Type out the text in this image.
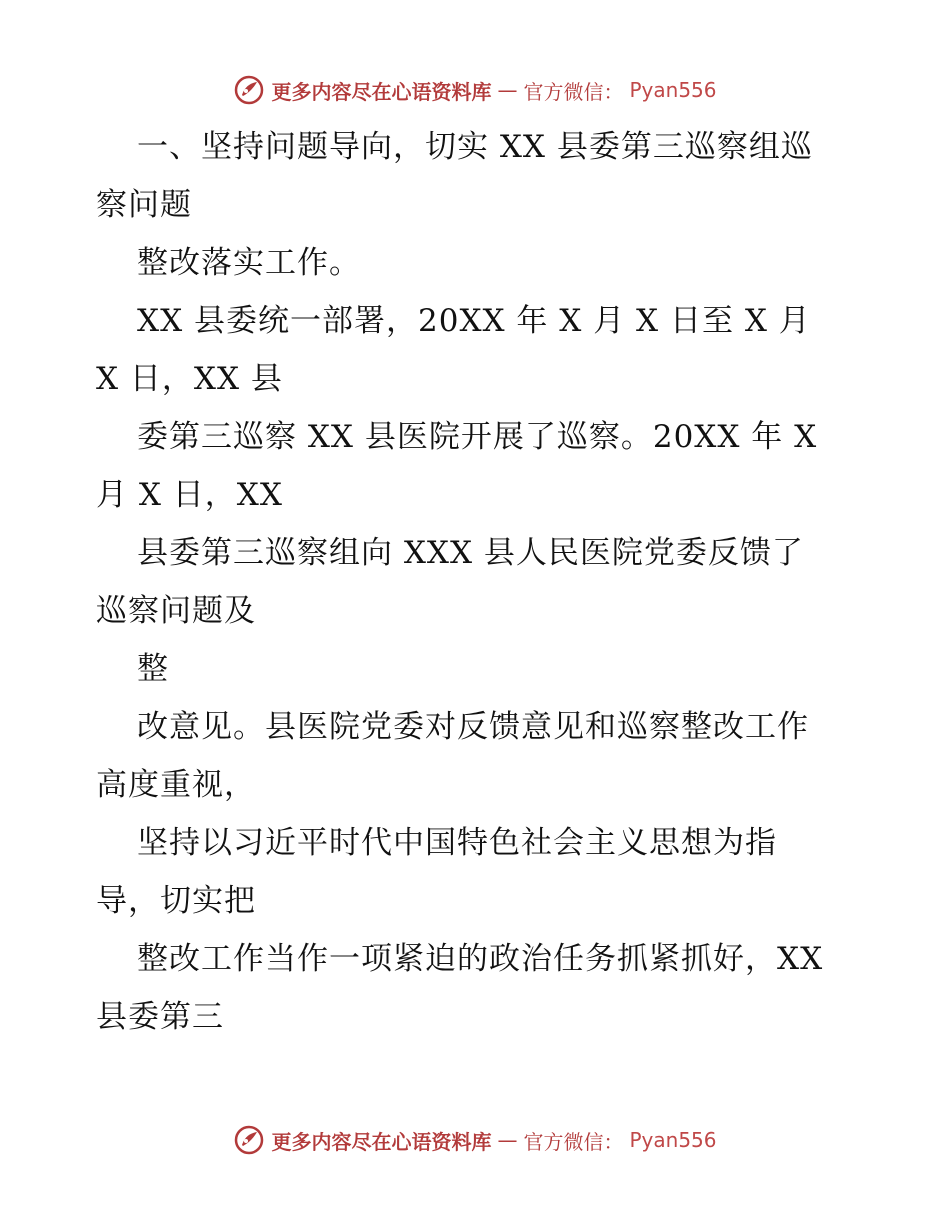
更多内容尽在心语资料库 — 官方微信： Pyan556
一、坚持问题导向，切实 XX 县委第三巡察组巡
察问题
整改落实工作。
XX 县委统一部署，20XX 年 X 月 X 日至 X 月
X 日，XX 县
委第三巡察 XX 县医院开展了巡察。20XX 年 X
月 X 日，XX
县委第三巡察组向 XXX 县人民医院党委反馈了
巡察问题及
整
改意见。县医院党委对反馈意见和巡察整改工作
高度重视，
坚持以习近平时代中国特色社会主义思想为指
导，切实把
整改工作当作一项紧迫的政治任务抓紧抓好，XX
县委第三
更多内容尽在心语资料库 — 官方微信： Pyan556
